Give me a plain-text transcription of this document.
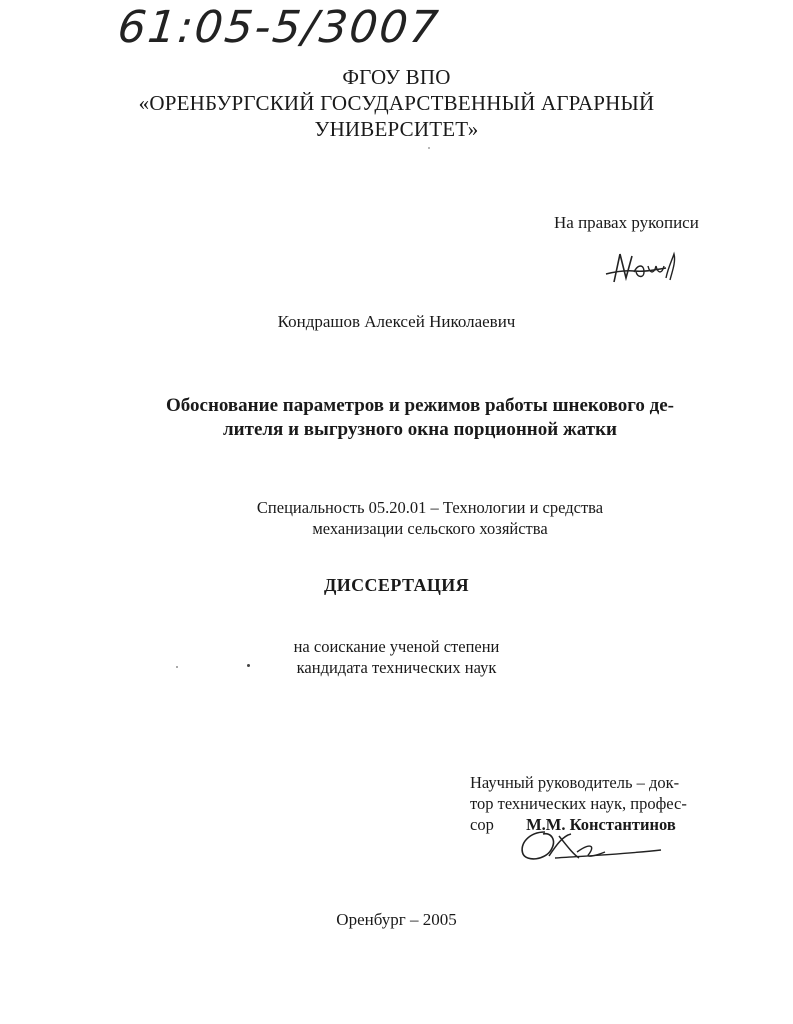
61:05-5/3007
ФГОУ ВПО
«ОРЕНБУРГСКИЙ ГОСУДАРСТВЕННЫЙ АГРАРНЫЙ
УНИВЕРСИТЕТ»
На правах рукописи
Кондрашов Алексей Николаевич
Обоснование параметров и режимов работы шнекового де-
лителя и выгрузного окна порционной жатки
Специальность 05.20.01 – Технологии и средства
механизации сельского хозяйства
ДИССЕРТАЦИЯ
на соискание ученой степени
кандидата технических наук
Научный руководитель – док-
тор технических наук, профес-
сор М.М. Константинов
Оренбург – 2005
